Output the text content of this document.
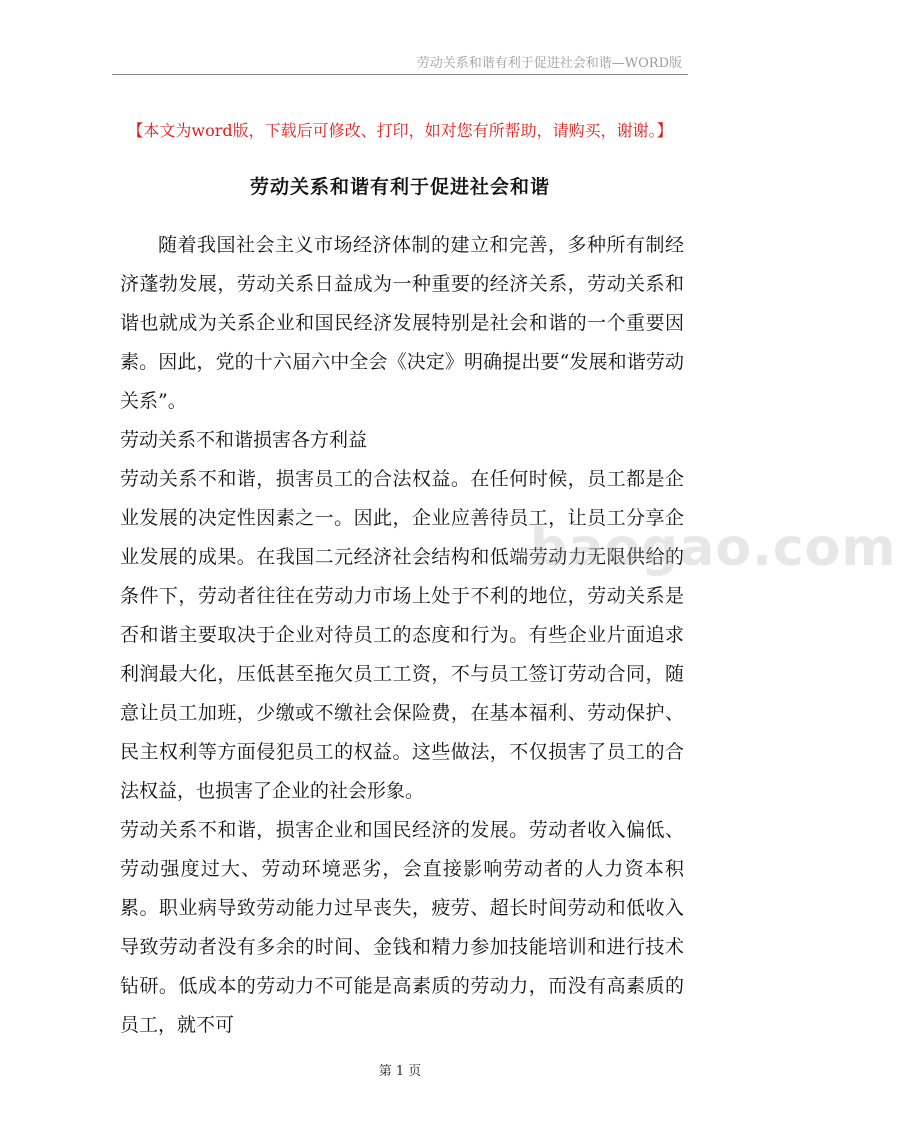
劳动关系和谐有利于促进社会和谐—WORD版
【本文为word版，下载后可修改、打印，如对您有所帮助，请购买，谢谢。】
劳动关系和谐有利于促进社会和谐

随着我国社会主义市场经济体制的建立和完善，多种所有制经济蓬勃发展，劳动关系日益成为一种重要的经济关系，劳动关系和谐也就成为关系企业和国民经济发展特别是社会和谐的一个重要因素。因此，党的十六届六中全会《决定》明确提出要“发展和谐劳动关系”。

劳动关系不和谐损害各方利益

劳动关系不和谐，损害员工的合法权益。在任何时候，员工都是企业发展的决定性因素之一。因此，企业应善待员工，让员工分享企业发展的成果。在我国二元经济社会结构和低端劳动力无限供给的条件下，劳动者往往在劳动力市场上处于不利的地位，劳动关系是否和谐主要取决于企业对待员工的态度和行为。有些企业片面追求利润最大化，压低甚至拖欠员工工资，不与员工签订劳动合同，随意让员工加班，少缴或不缴社会保险费，在基本福利、劳动保护、民主权利等方面侵犯员工的权益。这些做法，不仅损害了员工的合法权益，也损害了企业的社会形象。

劳动关系不和谐，损害企业和国民经济的发展。劳动者收入偏低、劳动强度过大、劳动环境恶劣，会直接影响劳动者的人力资本积累。职业病导致劳动能力过早丧失，疲劳、超长时间劳动和低收入导致劳动者没有多余的时间、金钱和精力参加技能培训和进行技术钻研。低成本的劳动力不可能是高素质的劳动力，而没有高素质的员工，就不可

baogao.com
第 1 页
